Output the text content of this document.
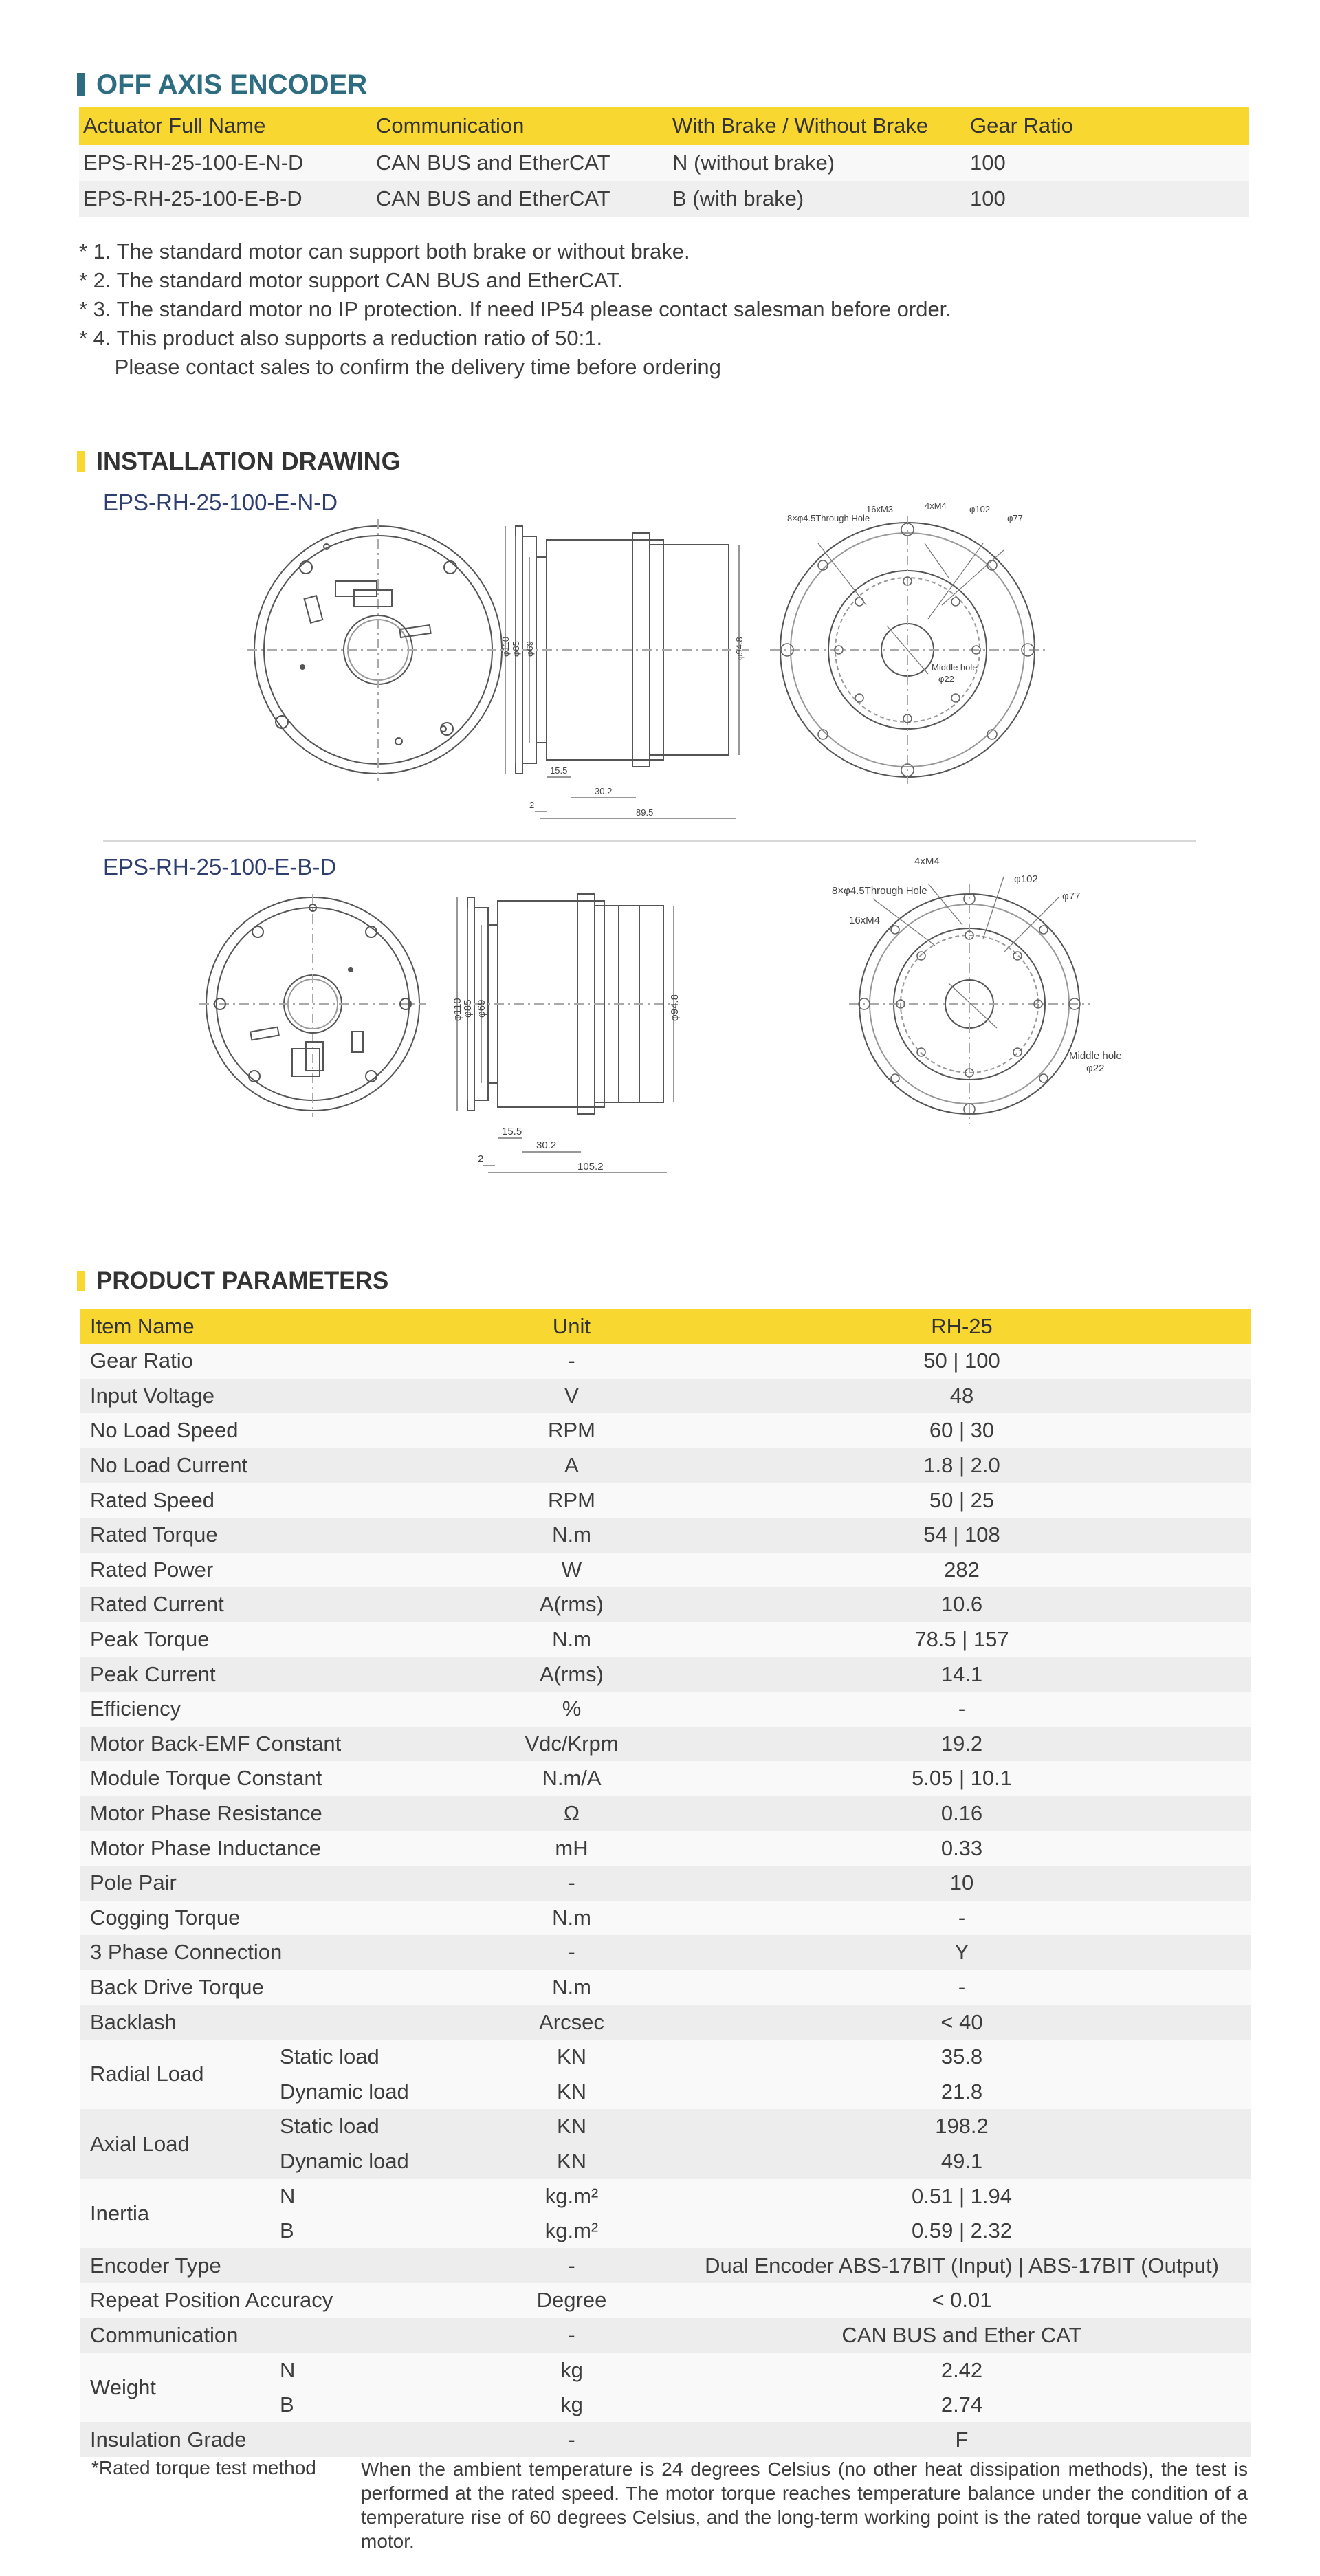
OFF AXIS ENCODER
Actuator Full Name	Communication	With Brake / Without Brake	Gear Ratio
EPS-RH-25-100-E-N-D	CAN BUS and EtherCAT	N (without brake)	100
EPS-RH-25-100-E-B-D	CAN BUS and EtherCAT	B (with brake)	100
* 1. The standard motor can support both brake or without brake.
* 2. The standard motor support CAN BUS and EtherCAT.
* 3. The standard motor no IP protection. If need IP54 please contact salesman before order.
* 4. This product also supports a reduction ratio of 50:1.
Please contact sales to confirm the delivery time before ordering
INSTALLATION DRAWING
EPS-RH-25-100-E-N-D
φ110 φ85 φ69	φ94.8
15.5
30.2
89.5
2
8×φ4.5Through Hole
16xM3	4xM4	φ102
φ77
Middle hole
φ22
EPS-RH-25-100-E-B-D
φ110
φ85 φ69	φ94.8
15.5
30.2
105.2
2
8×φ4.5Through Hole
16xM4
4xM4
φ102
φ77
Middle hole
φ22
PRODUCT PARAMETERS
Item Name		Unit	RH-25
Gear Ratio		-	50 | 100
Input Voltage		V	48
No Load Speed		RPM	60 | 30
No Load Current		A	1.8 | 2.0
Rated Speed		RPM	50 | 25
Rated Torque		N.m	54 | 108
Rated Power		W	282
Rated Current		A(rms)	10.6
Peak Torque		N.m	78.5 | 157
Peak Current		A(rms)	14.1
Efficiency		%	-
Motor Back-EMF Constant		Vdc/Krpm	19.2
Module Torque Constant		N.m/A	5.05 | 10.1
Motor Phase Resistance		Ω	0.16
Motor Phase Inductance		mH	0.33
Pole Pair		-	10
Cogging Torque		N.m	-
3 Phase Connection		-	Y
Back Drive Torque		N.m	-
Backlash		Arcsec	< 40
Radial Load	Static load	KN	35.8
	Dynamic load	KN	21.8
Axial Load	Static load	KN	198.2
	Dynamic load	KN	49.1
Inertia	N	kg.m²	0.51 | 1.94
	B	kg.m²	0.59 | 2.32
Encoder Type		-	Dual Encoder ABS-17BIT (Input) | ABS-17BIT (Output)
Repeat Position Accuracy		Degree	< 0.01
Communication		-	CAN BUS and Ether CAT
Weight	N	kg	2.42
	B	kg	2.74
Insulation Grade		-	F
*Rated torque test method When the ambient temperature is 24 degrees Celsius (no other heat dissipation methods), the test is performed at the rated speed. The motor torque reaches temperature balance under the condition of a temperature rise of 60 degrees Celsius, and the long-term working point is the rated torque value of the motor.
